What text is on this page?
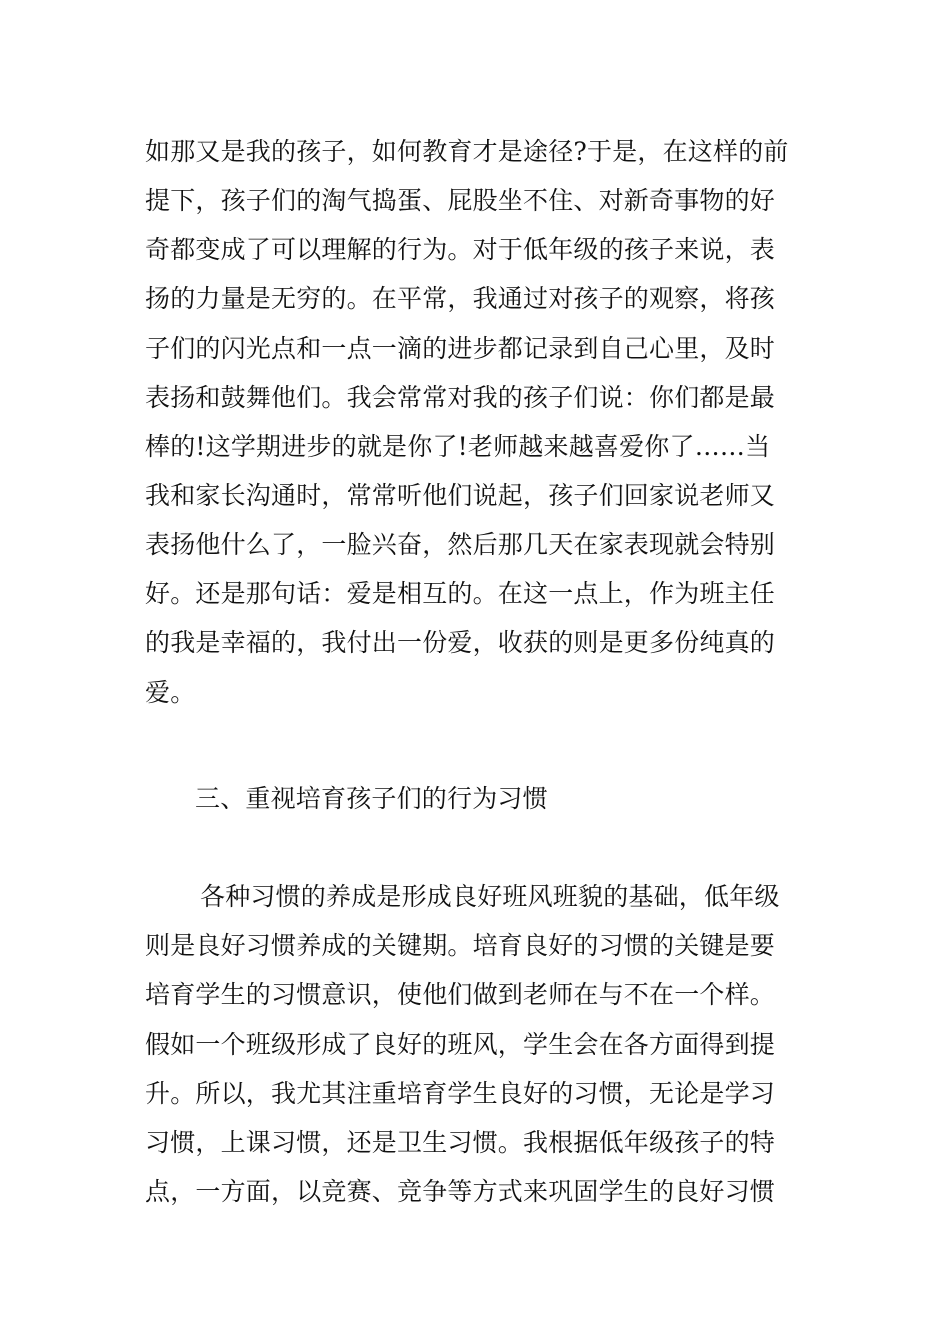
如那又是我的孩子，如何教育才是途径?于是，在这样的前
提下，孩子们的淘气捣蛋、屁股坐不住、对新奇事物的好
奇都变成了可以理解的行为。对于低年级的孩子来说，表
扬的力量是无穷的。在平常，我通过对孩子的观察，将孩
子们的闪光点和一点一滴的进步都记录到自己心里，及时
表扬和鼓舞他们。我会常常对我的孩子们说：你们都是最
棒的!这学期进步的就是你了!老师越来越喜爱你了……当
我和家长沟通时，常常听他们说起，孩子们回家说老师又
表扬他什么了，一脸兴奋，然后那几天在家表现就会特别
好。还是那句话：爱是相互的。在这一点上，作为班主任
的我是幸福的，我付出一份爱，收获的则是更多份纯真的
爱。
三、重视培育孩子们的行为习惯
各种习惯的养成是形成良好班风班貌的基础，低年级
则是良好习惯养成的关键期。培育良好的习惯的关键是要
培育学生的习惯意识，使他们做到老师在与不在一个样。
假如一个班级形成了良好的班风，学生会在各方面得到提
升。所以，我尤其注重培育学生良好的习惯，无论是学习
习惯，上课习惯，还是卫生习惯。我根据低年级孩子的特
点，一方面，以竞赛、竞争等方式来巩固学生的良好习惯
